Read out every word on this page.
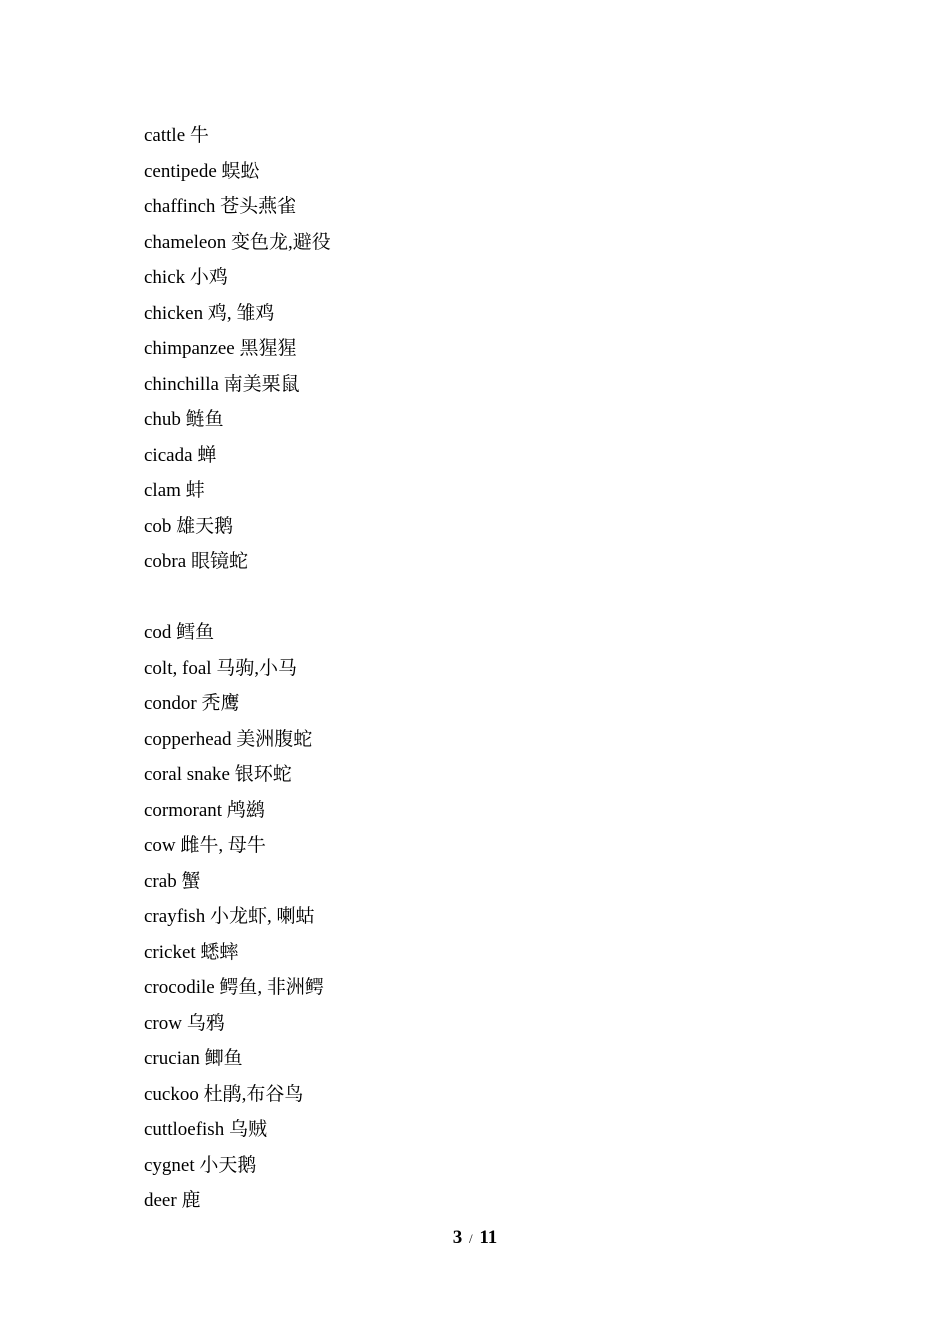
cattle 牛
centipede 蜈蚣
chaffinch 苍头燕雀
chameleon 变色龙,避役
chick 小鸡
chicken 鸡, 雏鸡
chimpanzee 黑猩猩
chinchilla 南美栗鼠
chub 鲢鱼
cicada 蝉
clam 蚌
cob 雄天鹅
cobra 眼镜蛇
cod 鳕鱼
colt, foal 马驹,小马
condor 秃鹰
copperhead 美洲腹蛇
coral snake 银环蛇
cormorant 鸬鹚
cow 雌牛, 母牛
crab 蟹
crayfish 小龙虾, 喇蛄
cricket 蟋蟀
crocodile 鳄鱼, 非洲鳄
crow 乌鸦
crucian 鲫鱼
cuckoo 杜鹃,布谷鸟
cuttloefish 乌贼
cygnet 小天鹅
deer 鹿
3 / 11
